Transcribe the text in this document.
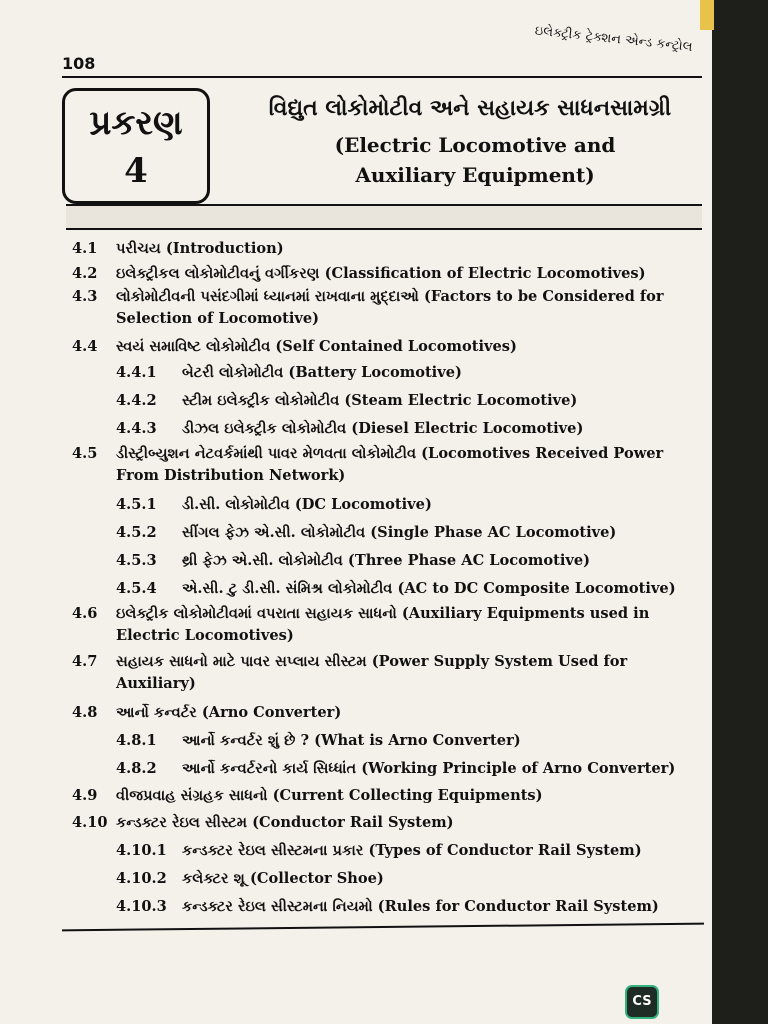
108
ઇલેક્ટ્રીક ટ્રેક્શન એન્ડ કન્ટ્રોલ
પ્રકરણ
4
વિદ્યુત લોકોમોટીવ અને સહાયક સાધનસામગ્રી
(Electric Locomotive and
Auxiliary Equipment)
4.1	પરીચય (Introduction)
4.2	ઇલેક્ટ્રીકલ લોકોમોટીવનું વર્ગીકરણ (Classification of Electric Locomotives)
4.3	લોકોમોટીવની પસંદગીમાં ધ્યાનમાં રાખવાના મુદ્દાઓ (Factors to be Considered for Selection of Locomotive)
4.4	સ્વયં સમાવિષ્ટ લોકોમોટીવ (Self Contained Locomotives)
4.4.1	બેટરી લોકોમોટીવ (Battery Locomotive)
4.4.2	સ્ટીમ ઇલેક્ટ્રીક લોકોમોટીવ (Steam Electric Locomotive)
4.4.3	ડીઝલ ઇલેક્ટ્રીક લોકોમોટીવ (Diesel Electric Locomotive)
4.5	ડીસ્ટ્રીબ્યુશન નેટવર્કમાંથી પાવર મેળવતા લોકોમોટીવ (Locomotives Received Power From Distribution Network)
4.5.1	ડી.સી. લોકોમોટીવ (DC Locomotive)
4.5.2	સીંગલ ફેઝ એ.સી. લોકોમોટીવ (Single Phase AC Locomotive)
4.5.3	થ્રી ફેઝ એ.સી. લોકોમોટીવ (Three Phase AC Locomotive)
4.5.4	એ.સી. ટુ ડી.સી. સંમિશ્ર લોકોમોટીવ (AC to DC Composite Locomotive)
4.6	ઇલેક્ટ્રીક લોકોમોટીવમાં વપરાતા સહાયક સાધનો (Auxiliary Equipments used in Electric Locomotives)
4.7	સહાયક સાધનો માટે પાવર સપ્લાય સીસ્ટમ (Power Supply System Used for Auxiliary)
4.8	આર્નો કન્વર્ટર (Arno Converter)
4.8.1	આર્નો કન્વર્ટર શું છે ? (What is Arno Converter)
4.8.2	આર્નો કન્વર્ટરનો કાર્ય સિધ્ધાંત (Working Principle of Arno Converter)
4.9	વીજપ્રવાહ સંગ્રહક સાધનો (Current Collecting Equipments)
4.10 કન્ડક્ટર રેઇલ સીસ્ટમ (Conductor Rail System)
4.10.1	કન્ડક્ટર રેઇલ સીસ્ટમના પ્રકાર (Types of Conductor Rail System)
4.10.2	કલેક્ટર શૂ (Collector Shoe)
4.10.3	કન્ડક્ટર રેઇલ સીસ્ટમના નિયમો (Rules for Conductor Rail System)
CS
